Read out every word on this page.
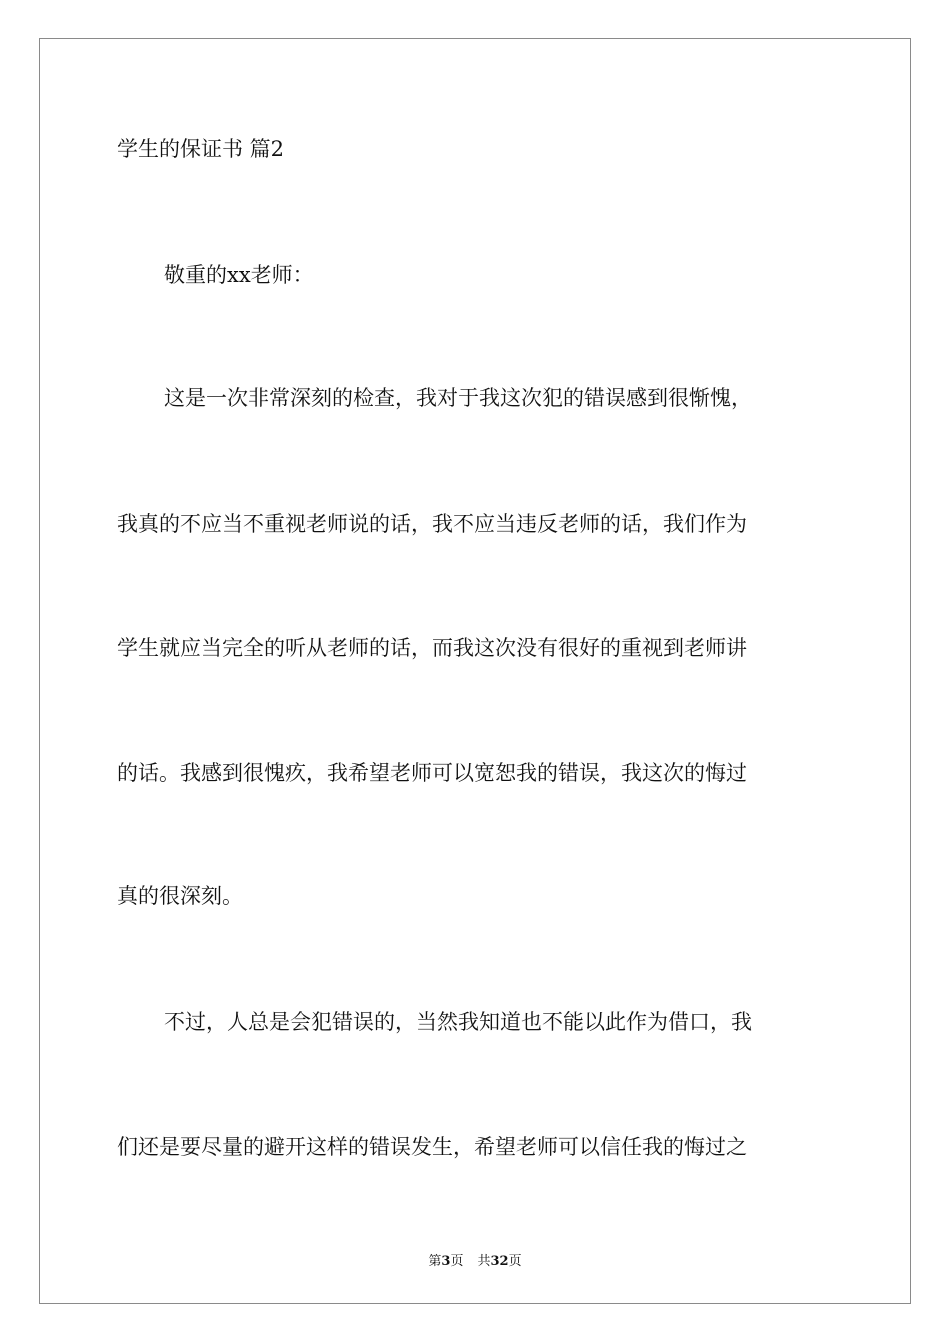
学生的保证书 篇2
敬重的xx老师：
这是一次非常深刻的检查，我对于我这次犯的错误感到很惭愧，
我真的不应当不重视老师说的话，我不应当违反老师的话，我们作为
学生就应当完全的听从老师的话，而我这次没有很好的重视到老师讲
的话。我感到很愧疚，我希望老师可以宽恕我的错误，我这次的悔过
真的很深刻。
不过，人总是会犯错误的，当然我知道也不能以此作为借口，我
们还是要尽量的避开这样的错误发生，希望老师可以信任我的悔过之
第3页 共32页
